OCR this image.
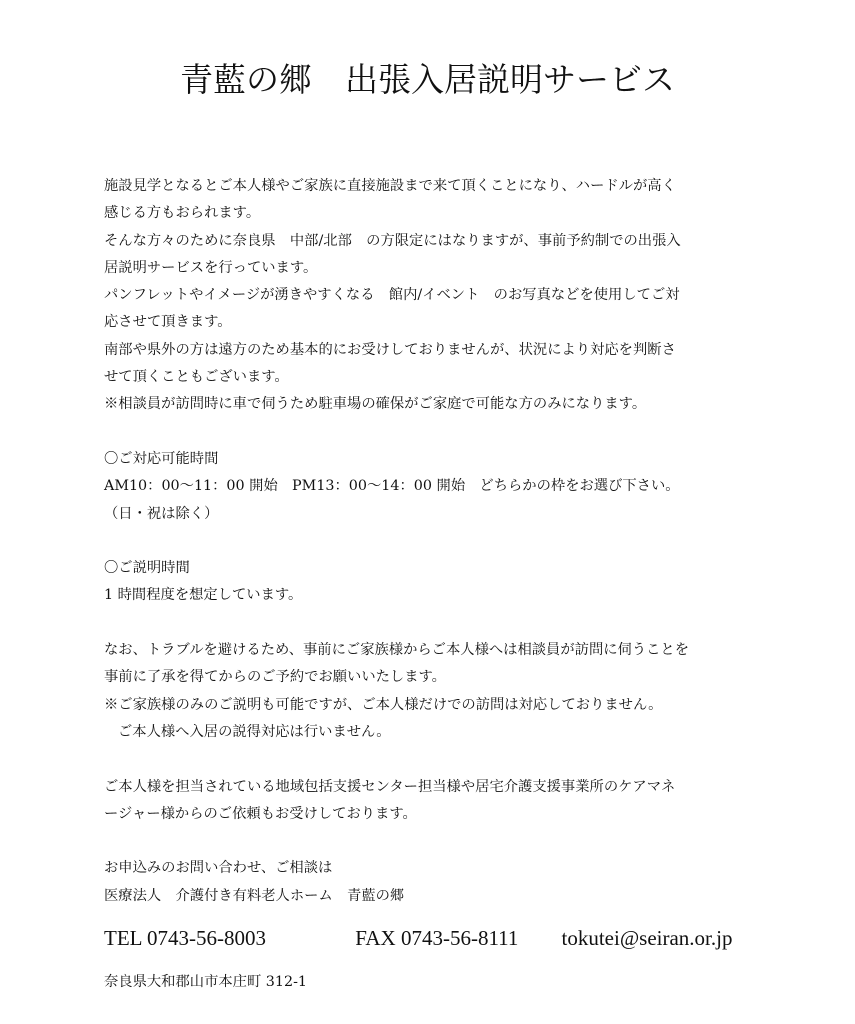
青藍の郷　出張入居説明サービス
施設見学となるとご本人様やご家族に直接施設まで来て頂くことになり、ハードルが高く
感じる方もおられます。
そんな方々のために奈良県　中部/北部　の方限定にはなりますが、事前予約制での出張入
居説明サービスを行っています。
パンフレットやイメージが湧きやすくなる　館内/イベント　のお写真などを使用してご対
応させて頂きます。
南部や県外の方は遠方のため基本的にお受けしておりませんが、状況により対応を判断さ
せて頂くこともございます。
※相談員が訪問時に車で伺うため駐車場の確保がご家庭で可能な方のみになります。
〇ご対応可能時間
AM10：00～11：00 開始　PM13：00～14：00 開始　どちらかの枠をお選び下さい。
（日・祝は除く）
〇ご説明時間
1 時間程度を想定しています。
なお、トラブルを避けるため、事前にご家族様からご本人様へは相談員が訪問に伺うことを
事前に了承を得てからのご予約でお願いいたします。
※ご家族様のみのご説明も可能ですが、ご本人様だけでの訪問は対応しておりません。
ご本人様へ入居の説得対応は行いません。
ご本人様を担当されている地域包括支援センター担当様や居宅介護支援事業所のケアマネ
ージャー様からのご依頼もお受けしております。
お申込みのお問い合わせ、ご相談は
医療法人　介護付き有料老人ホーム　青藍の郷
TEL 0743-56-8003	FAX 0743-56-8111 tokutei@seiran.or.jp
奈良県大和郡山市本庄町 312-1
